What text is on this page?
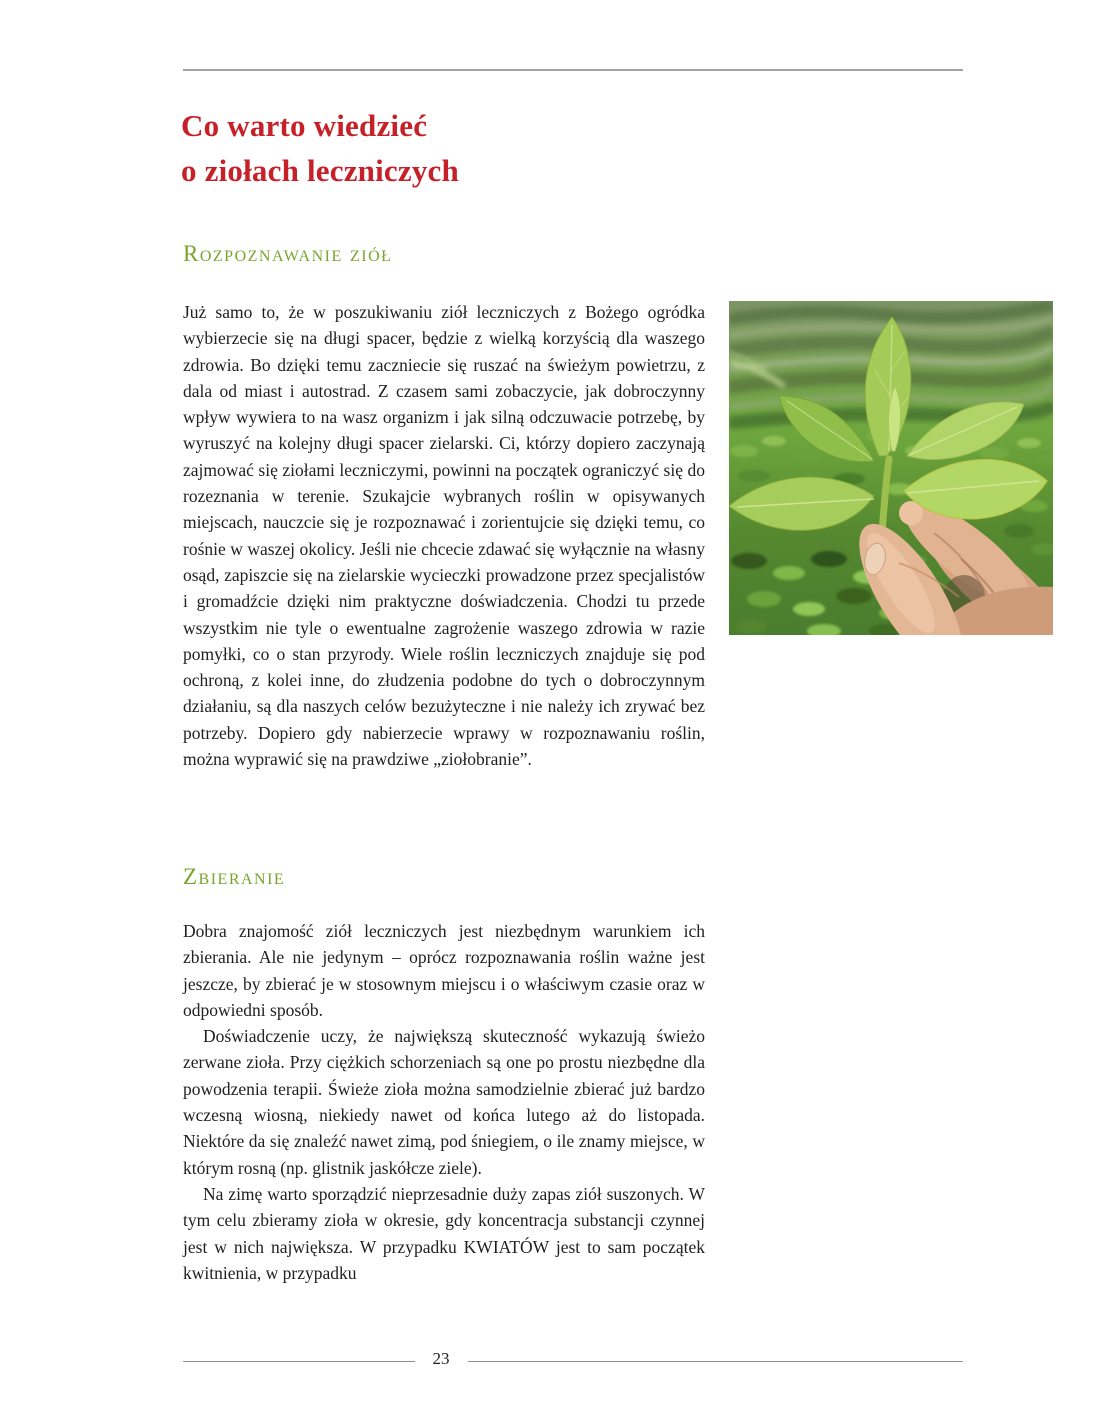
Co warto wiedzieć
o ziołach leczniczych
Rozpoznawanie ziół

Już samo to, że w poszukiwaniu ziół leczniczych z Bożego ogródka wybierzecie się na długi spacer, będzie z wielką korzyścią dla waszego zdrowia. Bo dzięki temu zaczniecie się ruszać na świeżym powietrzu, z dala od miast i autostrad. Z czasem sami zobaczycie, jak dobroczynny wpływ wywiera to na wasz organizm i jak silną odczuwacie potrzebę, by wyruszyć na kolejny długi spacer zielarski. Ci, którzy dopiero zaczynają zajmować się ziołami leczniczymi, powinni na początek ograniczyć się do rozeznania w terenie. Szukajcie wybranych roślin w opisywanych miejscach, nauczcie się je rozpoznawać i zorientujcie się dzięki temu, co rośnie w waszej okolicy. Jeśli nie chcecie zdawać się wyłącznie na własny osąd, zapiszcie się na zielarskie wycieczki prowadzone przez specjalistów i gromadźcie dzięki nim praktyczne doświadczenia. Chodzi tu przede wszystkim nie tyle o ewentualne zagrożenie waszego zdrowia w razie pomyłki, co o stan przyrody. Wiele roślin leczniczych znajduje się pod ochroną, z kolei inne, do złudzenia podobne do tych o dobroczynnym działaniu, są dla naszych celów bezużyteczne i nie należy ich zrywać bez potrzeby. Dopiero gdy nabierzecie wprawy w rozpoznawaniu roślin, można wyprawić się na prawdziwe „ziołobranie”.

Zbieranie

Dobra znajomość ziół leczniczych jest niezbędnym warunkiem ich zbierania. Ale nie jedynym – oprócz rozpoznawania roślin ważne jest jeszcze, by zbierać je w stosownym miejscu i o właściwym czasie oraz w odpowiedni sposób.

Doświadczenie uczy, że największą skuteczność wykazują świeżo zerwane zioła. Przy ciężkich schorzeniach są one po prostu niezbędne dla powodzenia terapii. Świeże zioła można samodzielnie zbierać już bardzo wczesną wiosną, niekiedy nawet od końca lutego aż do listopada. Niektóre da się znaleźć nawet zimą, pod śniegiem, o ile znamy miejsce, w którym rosną (np. glistnik jaskółcze ziele).

Na zimę warto sporządzić nieprzesadnie duży zapas ziół suszonych. W tym celu zbieramy zioła w okresie, gdy koncentracja substancji czynnej jest w nich największa. W przypadku KWIATÓW jest to sam początek kwitnienia, w przypadku

23
